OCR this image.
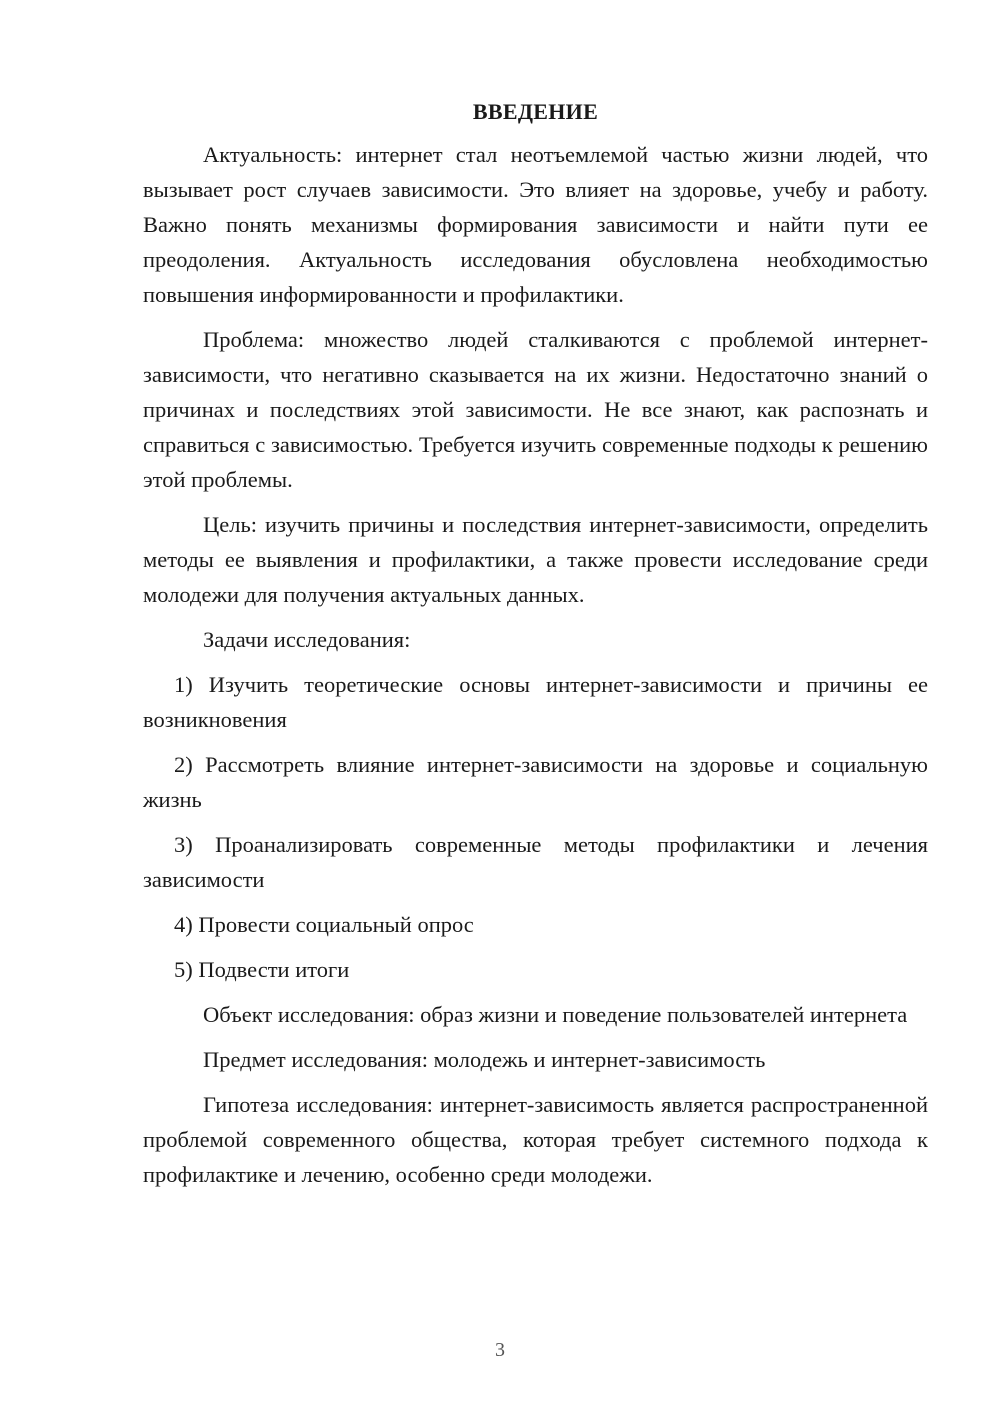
ВВЕДЕНИЕ

Актуальность: интернет стал неотъемлемой частью жизни людей, что вызывает рост случаев зависимости. Это влияет на здоровье, учебу и работу. Важно понять механизмы формирования зависимости и найти пути ее преодоления. Актуальность исследования обусловлена необходимостью повышения информированности и профилактики.

Проблема: множество людей сталкиваются с проблемой интернет-зависимости, что негативно сказывается на их жизни. Недостаточно знаний о причинах и последствиях этой зависимости. Не все знают, как распознать и справиться с зависимостью. Требуется изучить современные подходы к решению этой проблемы.

Цель: изучить причины и последствия интернет-зависимости, определить методы ее выявления и профилактики, а также провести исследование среди молодежи для получения актуальных данных.

Задачи исследования:

1) Изучить теоретические основы интернет-зависимости и причины ее возникновения

2) Рассмотреть влияние интернет-зависимости на здоровье и социальную жизнь

3) Проанализировать современные методы профилактики и лечения зависимости

4) Провести социальный опрос

5) Подвести итоги

Объект исследования: образ жизни и поведение пользователей интернета

Предмет исследования: молодежь и интернет-зависимость

Гипотеза исследования: интернет-зависимость является распространенной проблемой современного общества, которая требует системного подхода к профилактике и лечению, особенно среди молодежи.

3
